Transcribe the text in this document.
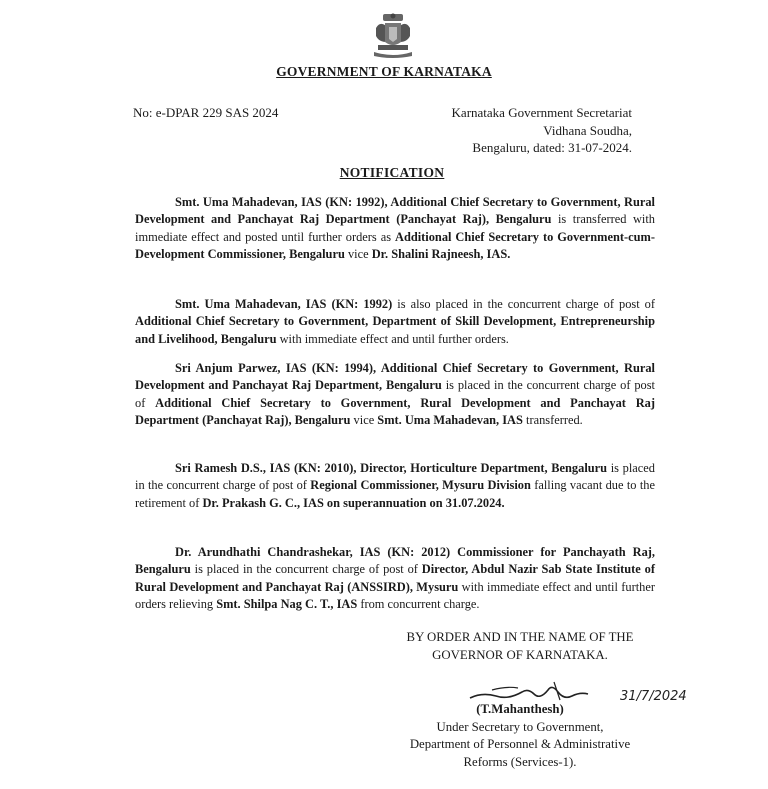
GOVERNMENT OF KARNATAKA
No: e-DPAR 229 SAS 2024	Karnataka Government Secretariat
Vidhana Soudha,
Bengaluru, dated: 31-07-2024.
NOTIFICATION
Smt. Uma Mahadevan, IAS (KN: 1992), Additional Chief Secretary to Government, Rural Development and Panchayat Raj Department (Panchayat Raj), Bengaluru is transferred with immediate effect and posted until further orders as Additional Chief Secretary to Government-cum-Development Commissioner, Bengaluru vice Dr. Shalini Rajneesh, IAS.
Smt. Uma Mahadevan, IAS (KN: 1992) is also placed in the concurrent charge of post of Additional Chief Secretary to Government, Department of Skill Development, Entrepreneurship and Livelihood, Bengaluru with immediate effect and until further orders.
Sri Anjum Parwez, IAS (KN: 1994), Additional Chief Secretary to Government, Rural Development and Panchayat Raj Department, Bengaluru is placed in the concurrent charge of post of Additional Chief Secretary to Government, Rural Development and Panchayat Raj Department (Panchayat Raj), Bengaluru vice Smt. Uma Mahadevan, IAS transferred.
Sri Ramesh D.S., IAS (KN: 2010), Director, Horticulture Department, Bengaluru is placed in the concurrent charge of post of Regional Commissioner, Mysuru Division falling vacant due to the retirement of Dr. Prakash G. C., IAS on superannuation on 31.07.2024.
Dr. Arundhathi Chandrashekar, IAS (KN: 2012) Commissioner for Panchayath Raj, Bengaluru is placed in the concurrent charge of post of Director, Abdul Nazir Sab State Institute of Rural Development and Panchayat Raj (ANSSIRD), Mysuru with immediate effect and until further orders relieving Smt. Shilpa Nag C. T., IAS from concurrent charge.
BY ORDER AND IN THE NAME OF THE
GOVERNOR OF KARNATAKA.
31/7/2024
(T.Mahanthesh)
Under Secretary to Government,
Department of Personnel & Administrative
Reforms (Services-1).
